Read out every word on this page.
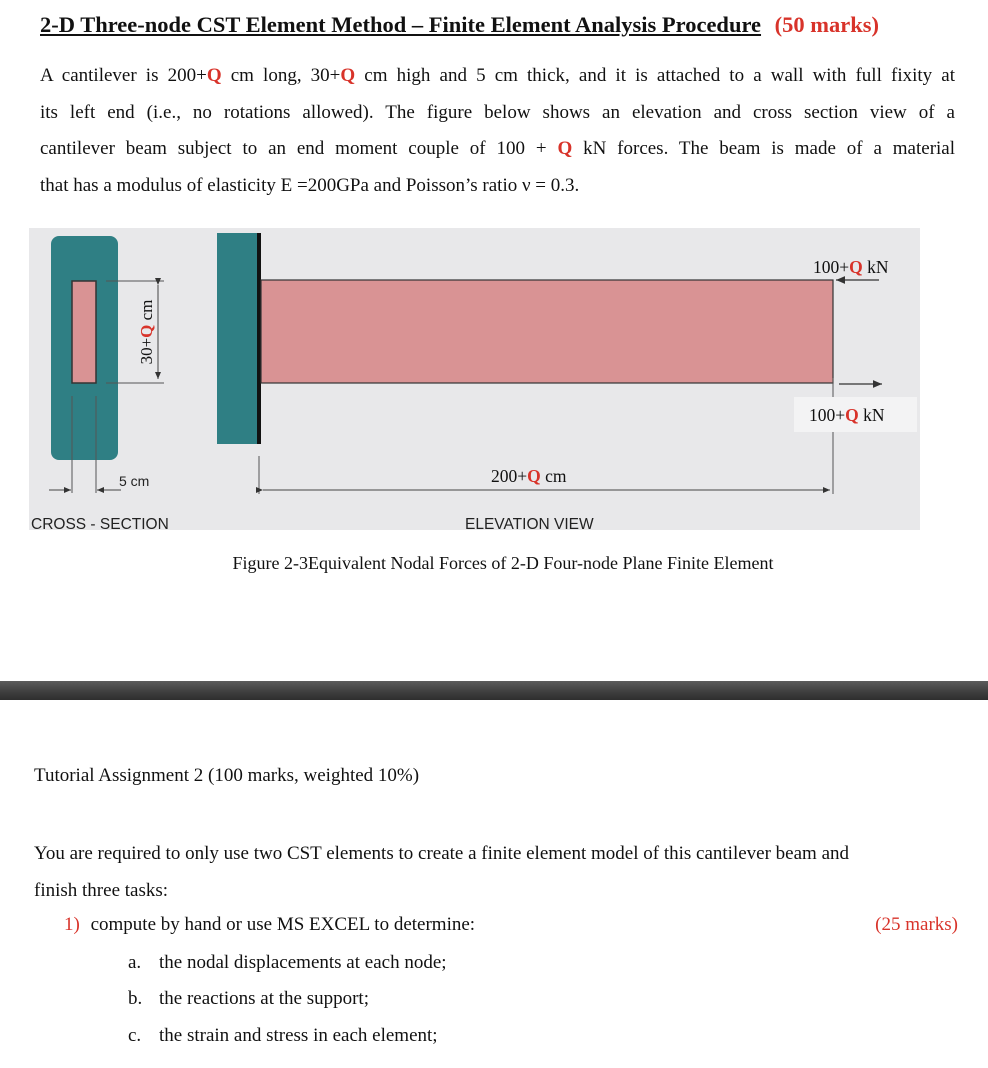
2-D Three-node CST Element Method – Finite Element Analysis Procedure (50 marks)
A cantilever is 200+Q cm long, 30+Q cm high and 5 cm thick, and it is attached to a wall with full fixity at
its left end (i.e., no rotations allowed). The figure below shows an elevation and cross section view of a
cantilever beam subject to an end moment couple of 100 + Q kN forces. The beam is made of a material
that has a modulus of elasticity E =200GPa and Poisson’s ratio ν = 0.3.
30+Q cm
5 cm
CROSS - SECTION
100+Q kN
100+Q kN
200+Q cm
ELEVATION VIEW
Figure 2-3Equivalent Nodal Forces of 2-D Four-node Plane Finite Element
Tutorial Assignment 2 (100 marks, weighted 10%)
You are required to only use two CST elements to create a finite element model of this cantilever beam and
finish three tasks:
1) compute by hand or use MS EXCEL to determine:	(25 marks)
a. the nodal displacements at each node;
b. the reactions at the support;
c. the strain and stress in each element;
